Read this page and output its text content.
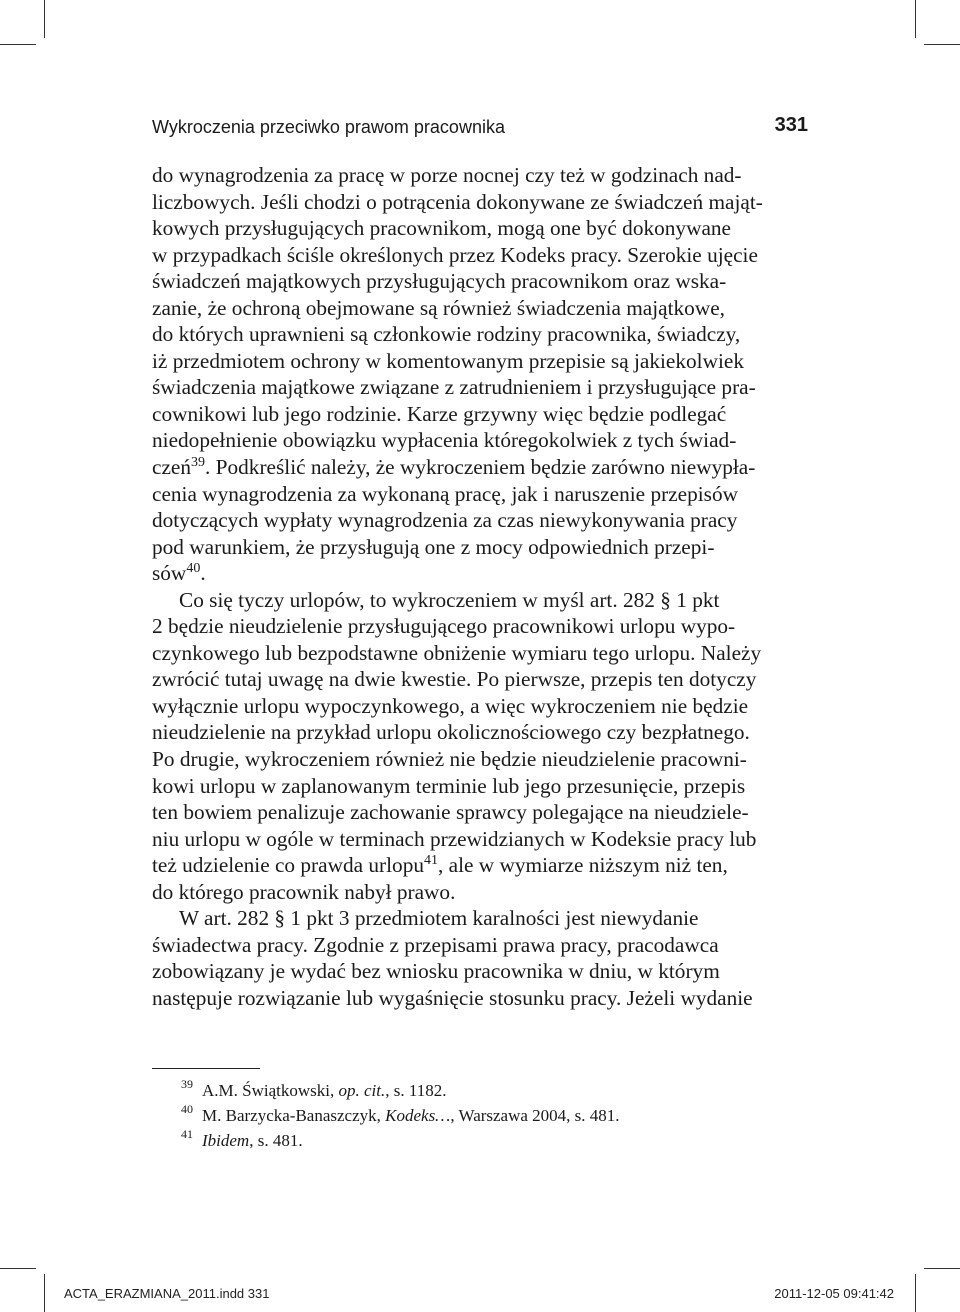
Wykroczenia przeciwko prawom pracownika	331
do wynagrodzenia za pracę w porze nocnej czy też w godzinach nad-
liczbowych. Jeśli chodzi o potrącenia dokonywane ze świadczeń mająt-
kowych przysługujących pracownikom, mogą one być dokonywane
w przypadkach ściśle określonych przez Kodeks pracy. Szerokie ujęcie
świadczeń majątkowych przysługujących pracownikom oraz wska-
zanie, że ochroną obejmowane są również świadczenia majątkowe,
do których uprawnieni są członkowie rodziny pracownika, świadczy,
iż przedmiotem ochrony w komentowanym przepisie są jakiekolwiek
świadczenia majątkowe związane z zatrudnieniem i przysługujące pra-
cownikowi lub jego rodzinie. Karze grzywny więc będzie podlegać
niedopełnienie obowiązku wypłacenia któregokolwiek z tych świad-
czeń$^{39}$. Podkreślić należy, że wykroczeniem będzie zarówno niewypła-
cenia wynagrodzenia za wykonaną pracę, jak i naruszenie przepisów
dotyczących wypłaty wynagrodzenia za czas niewykonywania pracy
pod warunkiem, że przysługują one z mocy odpowiednich przepi-
sów$^{40}$.
Co się tyczy urlopów, to wykroczeniem w myśl art. 282 § 1 pkt
2 będzie nieudzielenie przysługującego pracownikowi urlopu wypo-
czynkowego lub bezpodstawne obniżenie wymiaru tego urlopu. Należy
zwrócić tutaj uwagę na dwie kwestie. Po pierwsze, przepis ten dotyczy
wyłącznie urlopu wypoczynkowego, a więc wykroczeniem nie będzie
nieudzielenie na przykład urlopu okolicznościowego czy bezpłatnego.
Po drugie, wykroczeniem również nie będzie nieudzielenie pracowni-
kowi urlopu w zaplanowanym terminie lub jego przesunięcie, przepis
ten bowiem penalizuje zachowanie sprawcy polegające na nieudziele-
niu urlopu w ogóle w terminach przewidzianych w Kodeksie pracy lub
też udzielenie co prawda urlopu$^{41}$, ale w wymiarze niższym niż ten,
do którego pracownik nabył prawo.
W art. 282 § 1 pkt 3 przedmiotem karalności jest niewydanie
świadectwa pracy. Zgodnie z przepisami prawa pracy, pracodawca
zobowiązany je wydać bez wniosku pracownika w dniu, w którym
następuje rozwiązanie lub wygaśnięcie stosunku pracy. Jeżeli wydanie
39 A.M. Świątkowski, op. cit., s. 1182.
40 M. Barzycka-Banaszczyk, Kodeks…, Warszawa 2004, s. 481.
41 Ibidem, s. 481.
ACTA_ERAZMIANA_2011.indd 331	2011-12-05 09:41:42
